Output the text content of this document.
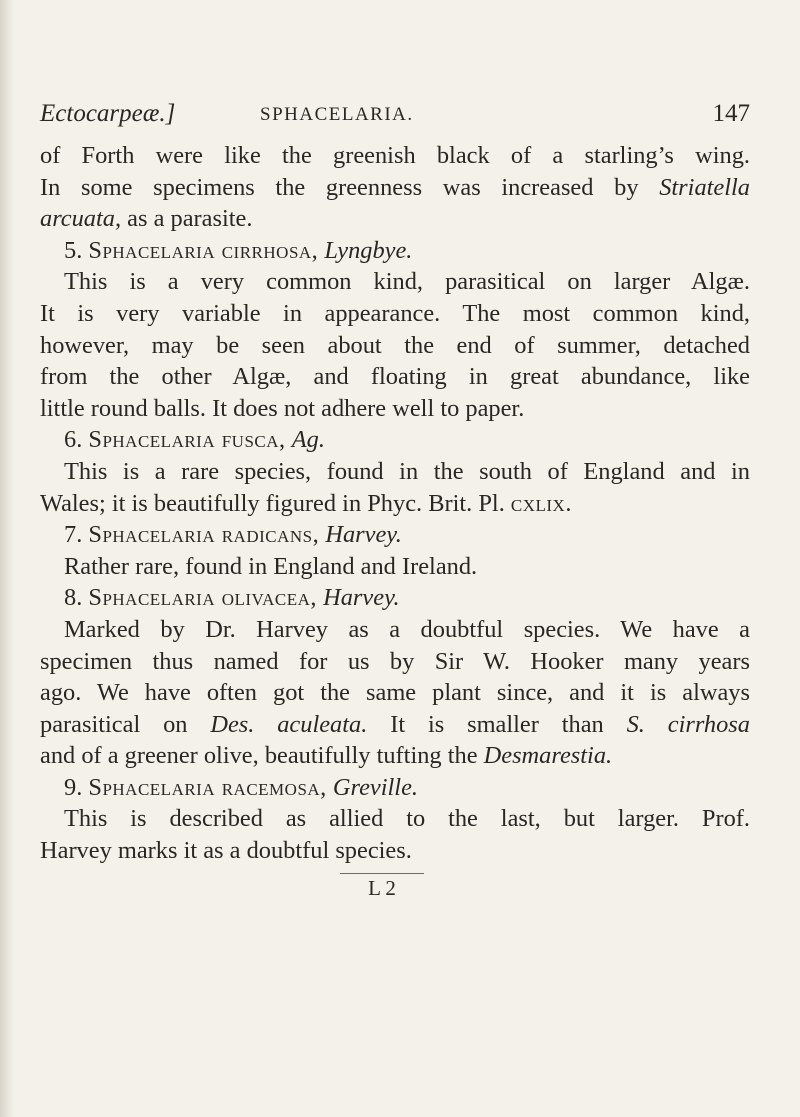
Ectocarpeæ.]	SPHACELARIA.	147
of Forth were like the greenish black of a starling’s wing.
In some specimens the greenness was increased by Striatella
arcuata, as a parasite.
5. Sphacelaria cirrhosa, Lyngbye.
This is a very common kind, parasitical on larger Algæ.
It is very variable in appearance. The most common kind,
however, may be seen about the end of summer, detached
from the other Algæ, and floating in great abundance, like
little round balls. It does not adhere well to paper.
6. Sphacelaria fusca, Ag.
This is a rare species, found in the south of England and in
Wales; it is beautifully figured in Phyc. Brit. Pl. cxlix.
7. Sphacelaria radicans, Harvey.
Rather rare, found in England and Ireland.
8. Sphacelaria olivacea, Harvey.
Marked by Dr. Harvey as a doubtful species. We have a
specimen thus named for us by Sir W. Hooker many years
ago. We have often got the same plant since, and it is always
parasitical on Des. aculeata. It is smaller than S. cirrhosa
and of a greener olive, beautifully tufting the Desmarestia.
9. Sphacelaria racemosa, Greville.
This is described as allied to the last, but larger. Prof.
Harvey marks it as a doubtful species.
L 2
